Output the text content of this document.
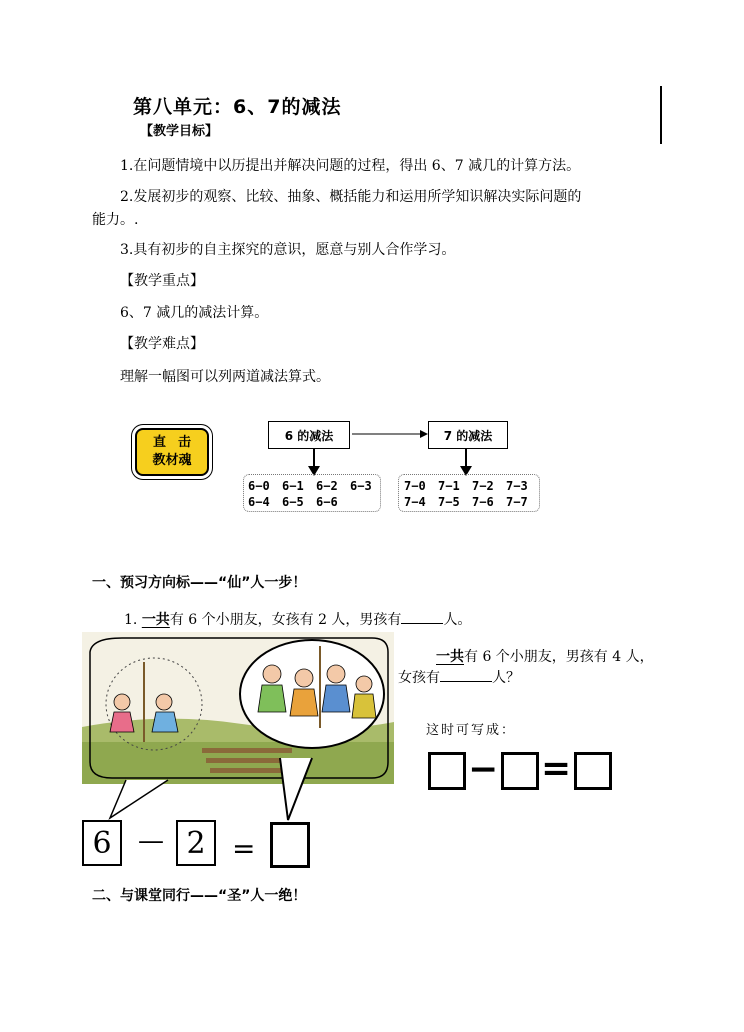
第八单元：6、7的减法
【教学目标】
1.在问题情境中以历提出并解决问题的过程，得出 6、7 减几的计算方法。
2.发展初步的观察、比较、抽象、概括能力和运用所学知识解决实际问题的
能力。.
3.具有初步的自主探究的意识，愿意与别人合作学习。
【教学重点】
6、7 减几的减法计算。
【教学难点】
理解一幅图可以列两道减法算式。
直击
教材魂
6 的减法	7 的减法
6−0	6−1	6−2	6−3
6−4	6−5	6−6
7−0	7−1	7−2	7−3
7−4	7−5	7−6	7−7
一、预习方向标——“仙”人一步！
1. 一共有 6 个小朋友，女孩有 2 人，男孩有	人。
一共有 6 个小朋友，男孩有 4 人，
女孩有	人？
这时可写成：
− =
6	— 2 =
二、与课堂同行——“圣”人一绝！
